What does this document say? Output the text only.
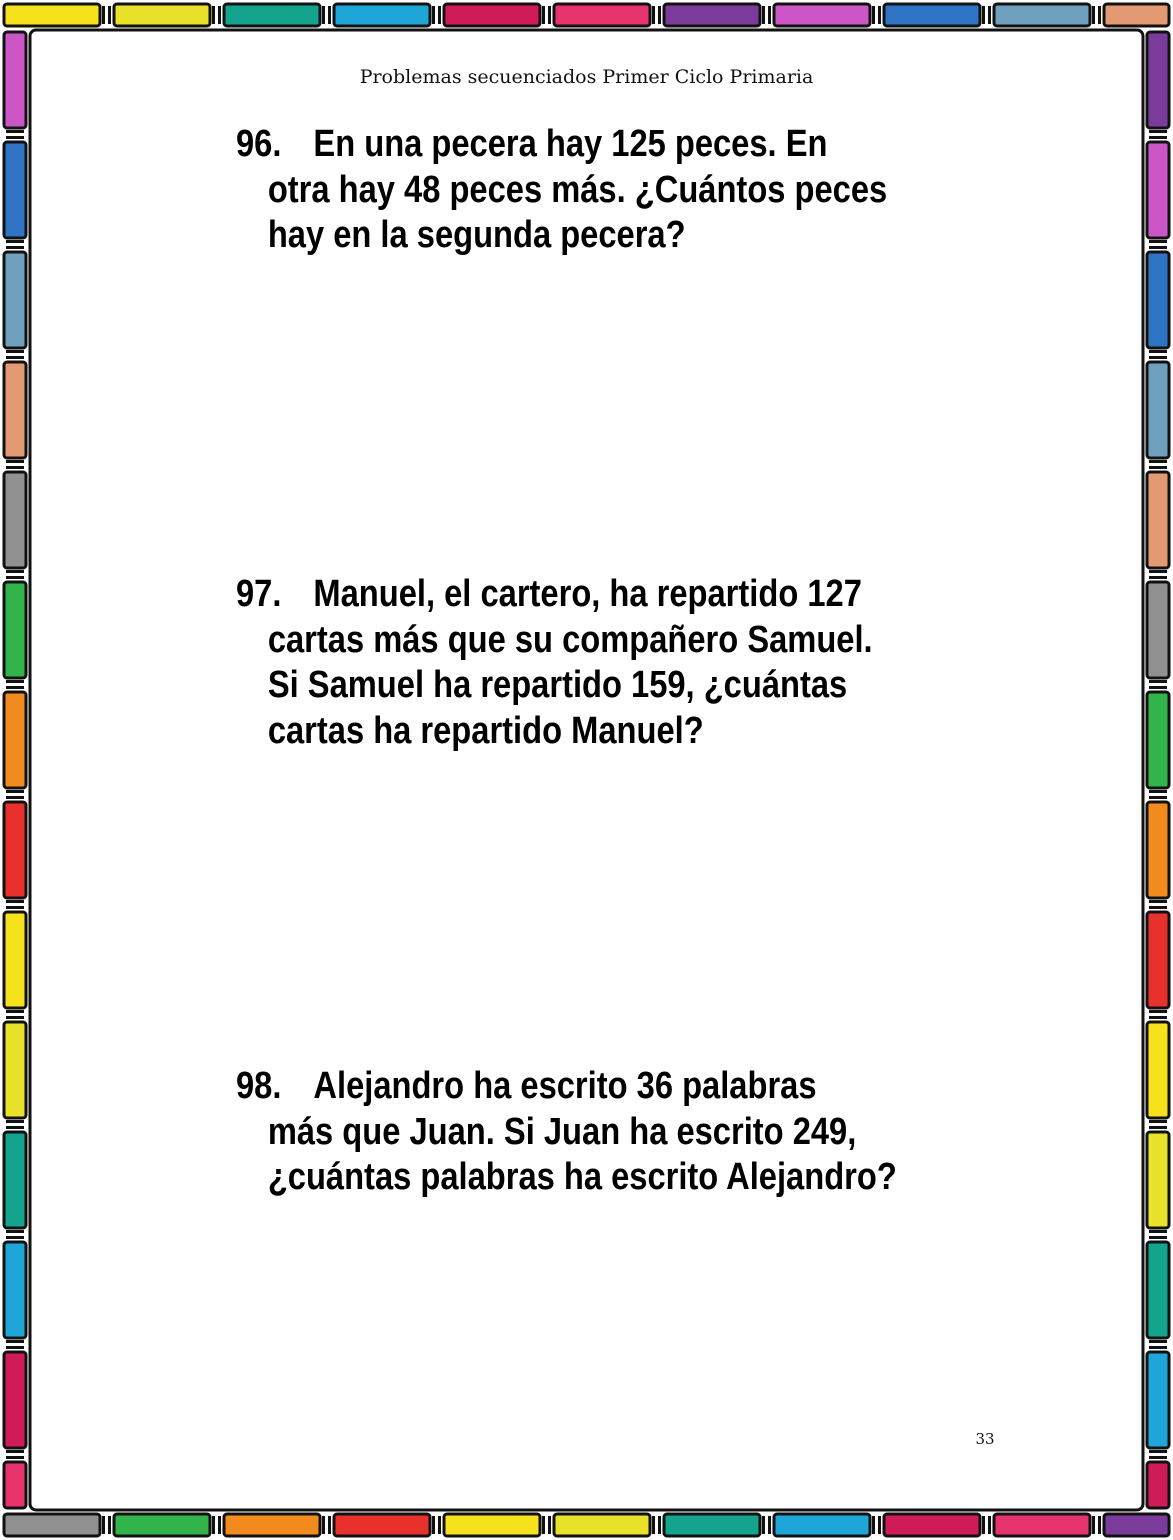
Problemas secuenciados Primer Ciclo Primaria

96. En una pecera hay 125 peces. En
otra hay 48 peces más. ¿Cuántos peces
hay en la segunda pecera?
97. Manuel, el cartero, ha repartido 127
cartas más que su compañero Samuel.
Si Samuel ha repartido 159, ¿cuántas
cartas ha repartido Manuel?
98. Alejandro ha escrito 36 palabras
más que Juan. Si Juan ha escrito 249,
¿cuántas palabras ha escrito Alejandro?

33
